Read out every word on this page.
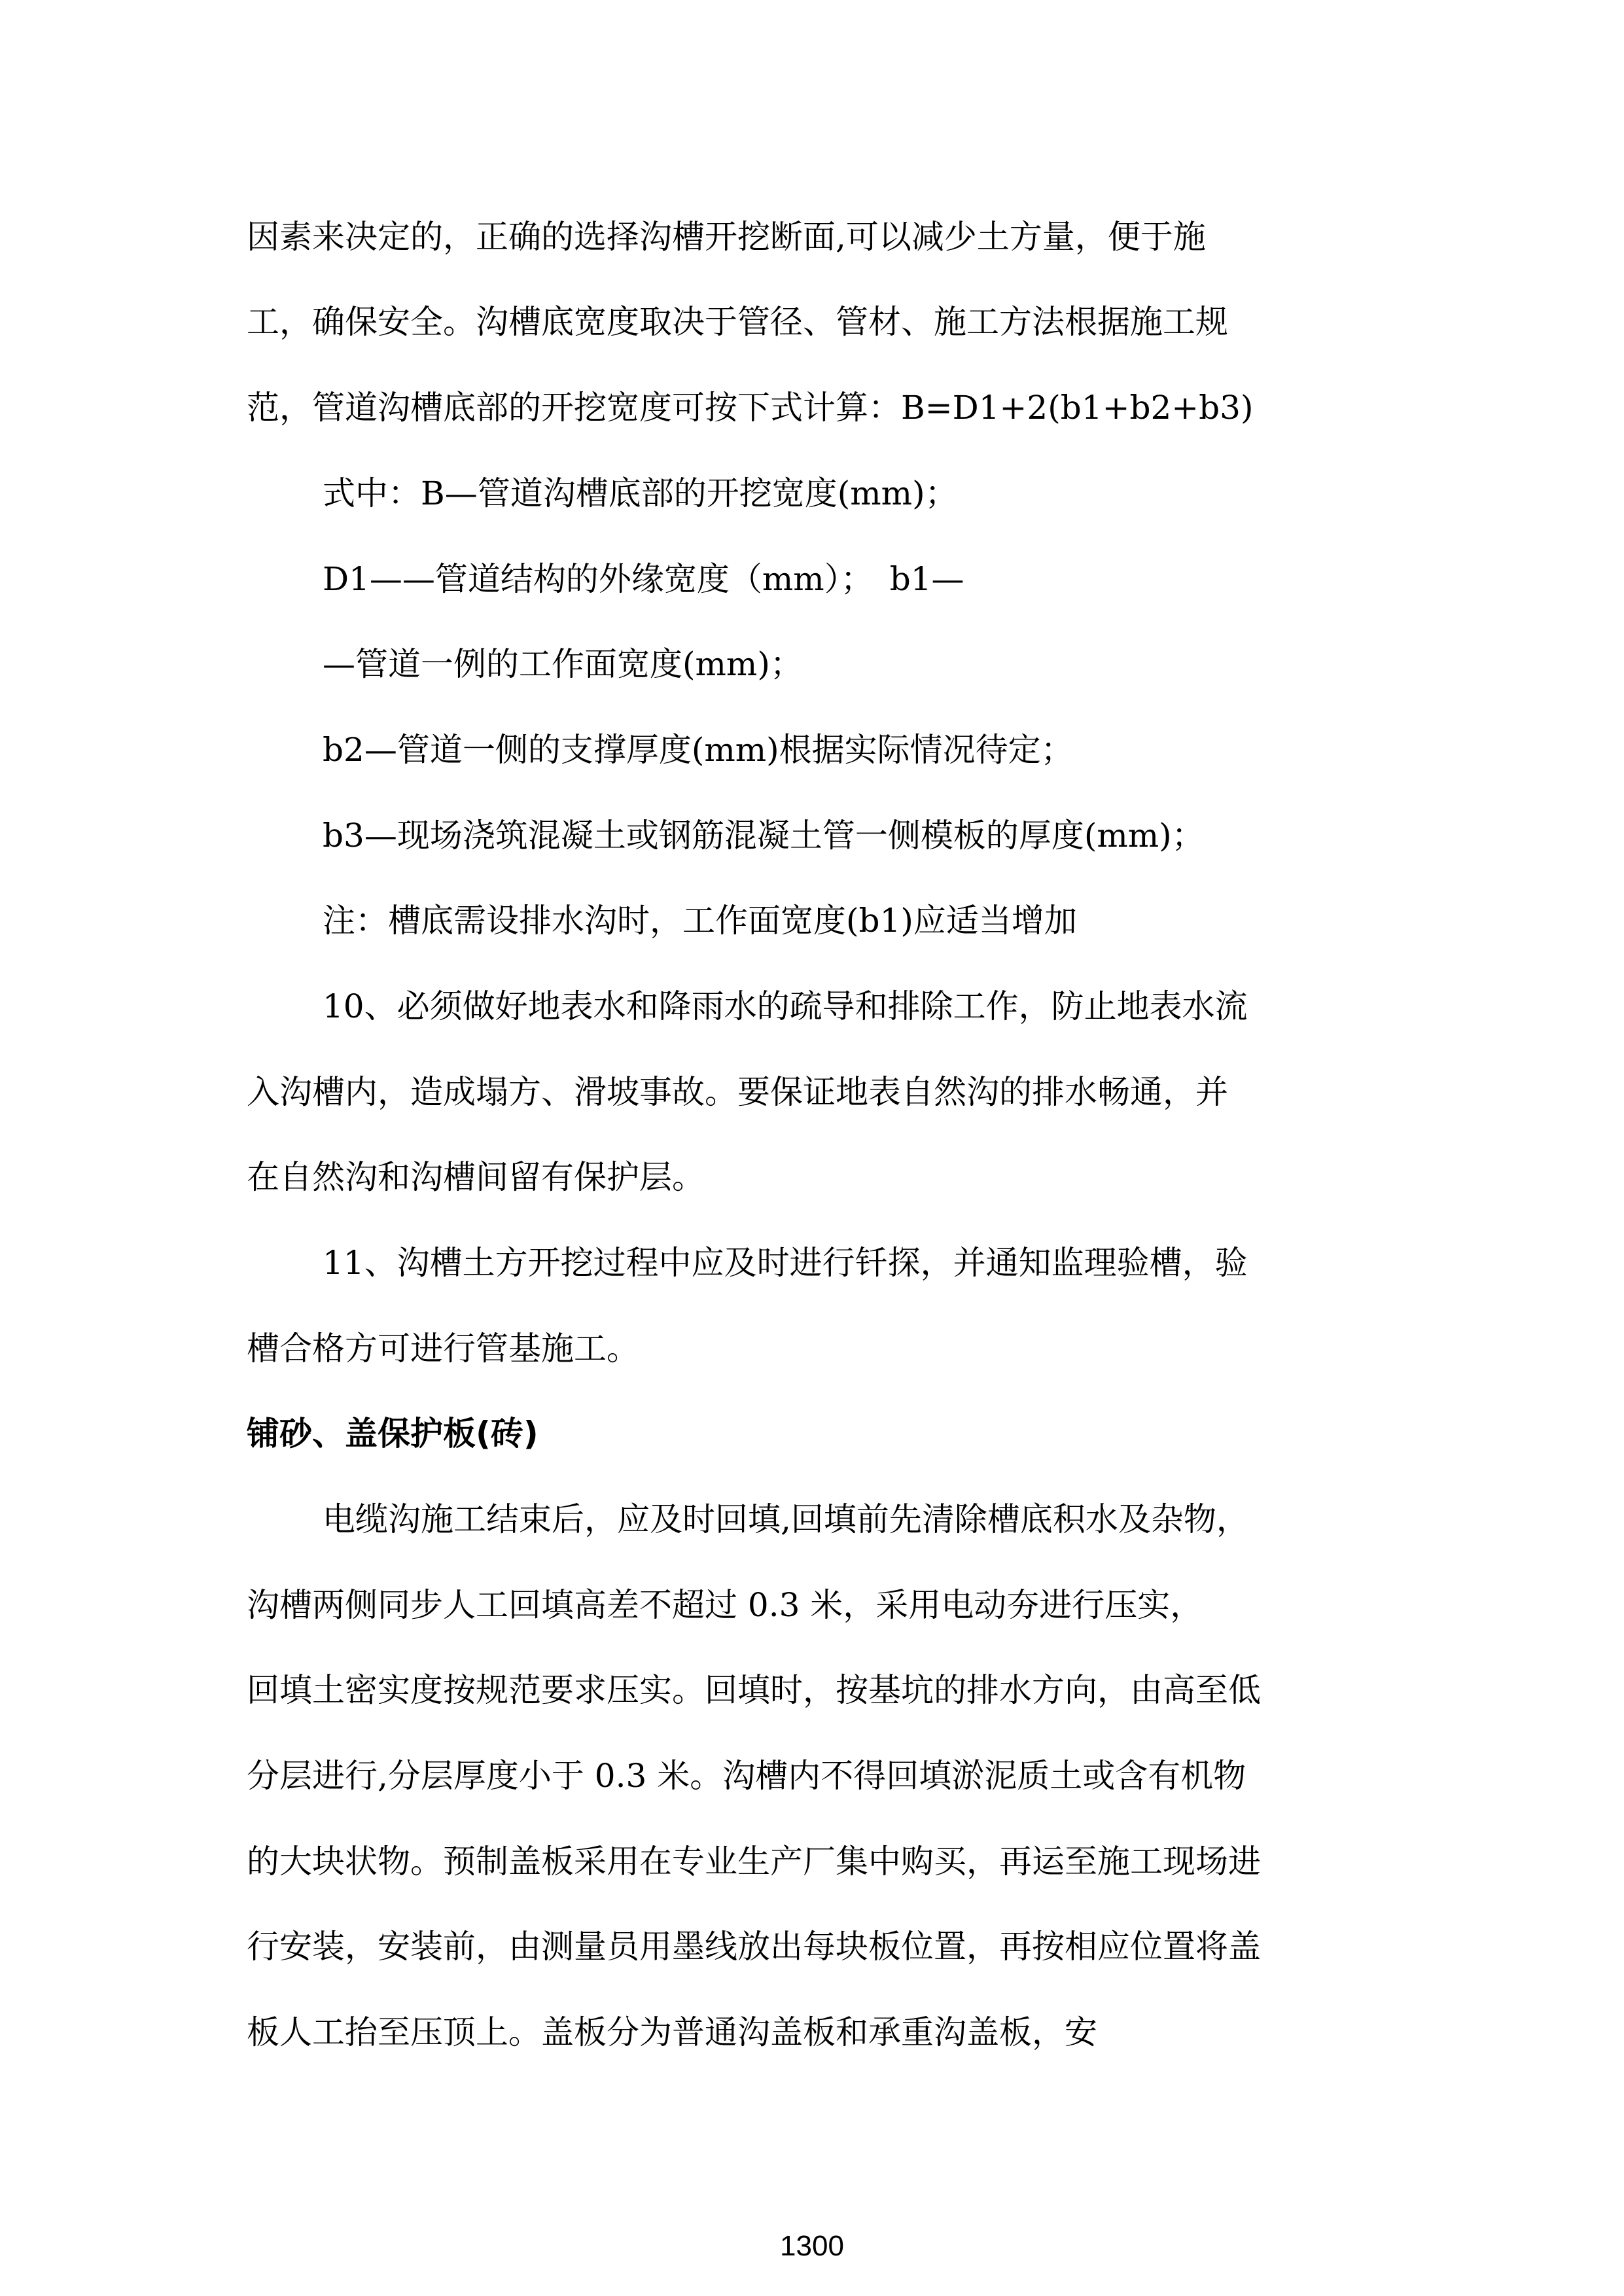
因素来决定的，正确的选择沟槽开挖断面,可以减少土方量，便于施
工，确保安全。沟槽底宽度取决于管径、管材、施工方法根据施工规
范，管道沟槽底部的开挖宽度可按下式计算：B=D1+2(b1+b2+b3)
式中：B—管道沟槽底部的开挖宽度(mm)；
D1——管道结构的外缘宽度（mm）；　b1—
—管道一例的工作面宽度(mm)；
b2—管道一侧的支撑厚度(mm)根据实际情况待定；
b3—现场浇筑混凝土或钢筋混凝土管一侧模板的厚度(mm)；
注：槽底需设排水沟时，工作面宽度(b1)应适当增加
10、必须做好地表水和降雨水的疏导和排除工作，防止地表水流
入沟槽内，造成塌方、滑坡事故。要保证地表自然沟的排水畅通，并
在自然沟和沟槽间留有保护层。
11、沟槽土方开挖过程中应及时进行钎探，并通知监理验槽，验
槽合格方可进行管基施工。
铺砂、盖保护板(砖)
电缆沟施工结束后，应及时回填,回填前先清除槽底积水及杂物，
沟槽两侧同步人工回填高差不超过 0.3 米，采用电动夯进行压实，
回填土密实度按规范要求压实。回填时，按基坑的排水方向，由高至低
分层进行,分层厚度小于 0.3 米。沟槽内不得回填淤泥质土或含有机物
的大块状物。预制盖板采用在专业生产厂集中购买，再运至施工现场进
行安装，安装前，由测量员用墨线放出每块板位置，再按相应位置将盖
板人工抬至压顶上。盖板分为普通沟盖板和承重沟盖板，安
1300
